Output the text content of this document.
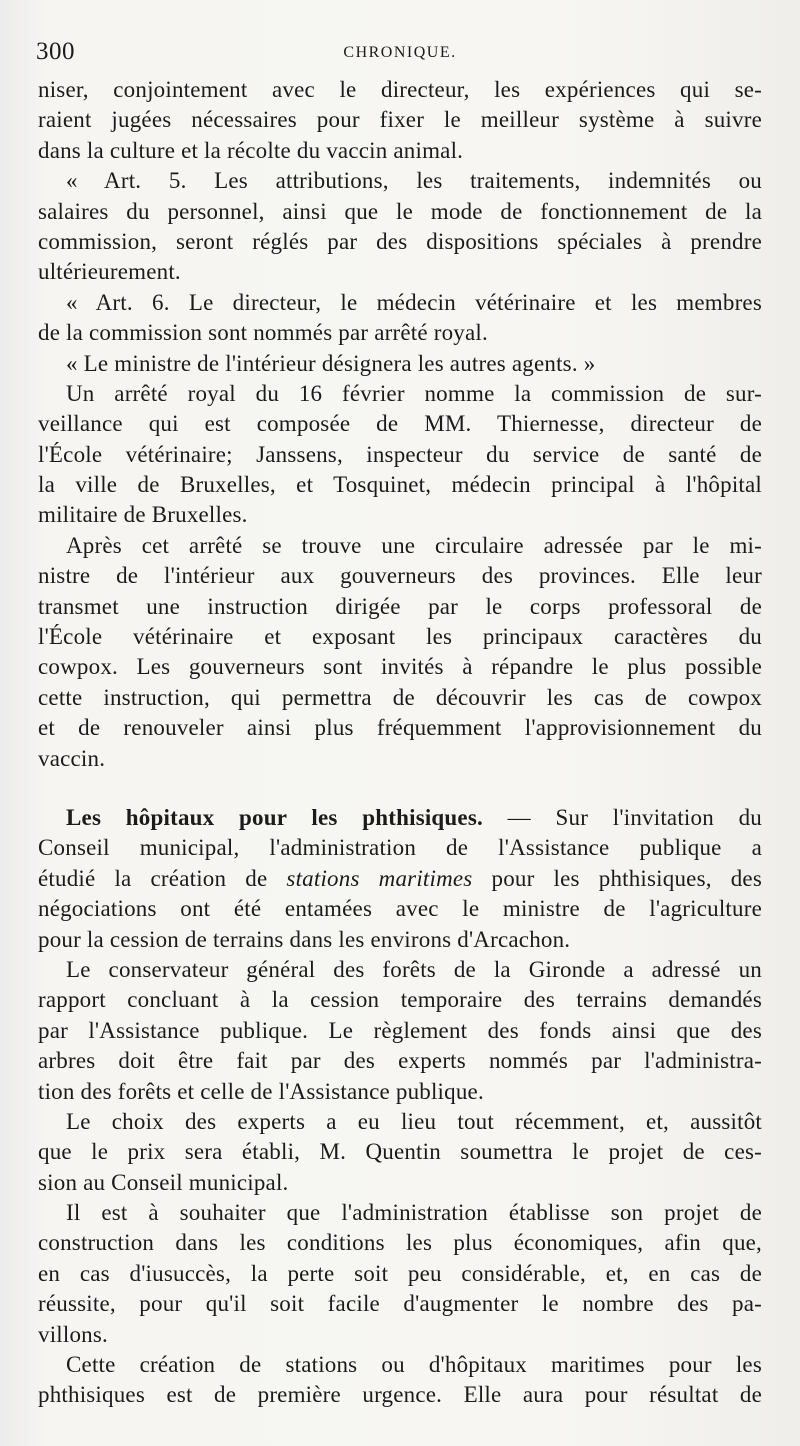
300	CHRONIQUE.
niser, conjointement avec le directeur, les expériences qui se-
raient jugées nécessaires pour fixer le meilleur système à suivre
dans la culture et la récolte du vaccin animal.
« Art. 5. Les attributions, les traitements, indemnités ou
salaires du personnel, ainsi que le mode de fonctionnement de la
commission, seront réglés par des dispositions spéciales à prendre
ultérieurement.
« Art. 6. Le directeur, le médecin vétérinaire et les membres
de la commission sont nommés par arrêté royal.
« Le ministre de l'intérieur désignera les autres agents. »
Un arrêté royal du 16 février nomme la commission de sur-
veillance qui est composée de MM. Thiernesse, directeur de
l'École vétérinaire; Janssens, inspecteur du service de santé de
la ville de Bruxelles, et Tosquinet, médecin principal à l'hôpital
militaire de Bruxelles.
Après cet arrêté se trouve une circulaire adressée par le mi-
nistre de l'intérieur aux gouverneurs des provinces. Elle leur
transmet une instruction dirigée par le corps professoral de
l'École vétérinaire et exposant les principaux caractères du
cowpox. Les gouverneurs sont invités à répandre le plus possible
cette instruction, qui permettra de découvrir les cas de cowpox
et de renouveler ainsi plus fréquemment l'approvisionnement du
vaccin.
Les hôpitaux pour les phthisiques. — Sur l'invitation du
Conseil municipal, l'administration de l'Assistance publique a
étudié la création de stations maritimes pour les phthisiques, des
négociations ont été entamées avec le ministre de l'agriculture
pour la cession de terrains dans les environs d'Arcachon.
Le conservateur général des forêts de la Gironde a adressé un
rapport concluant à la cession temporaire des terrains demandés
par l'Assistance publique. Le règlement des fonds ainsi que des
arbres doit être fait par des experts nommés par l'administra-
tion des forêts et celle de l'Assistance publique.
Le choix des experts a eu lieu tout récemment, et, aussitôt
que le prix sera établi, M. Quentin soumettra le projet de ces-
sion au Conseil municipal.
Il est à souhaiter que l'administration établisse son projet de
construction dans les conditions les plus économiques, afin que,
en cas d'iusuccès, la perte soit peu considérable, et, en cas de
réussite, pour qu'il soit facile d'augmenter le nombre des pa-
villons.
Cette création de stations ou d'hôpitaux maritimes pour les
phthisiques est de première urgence. Elle aura pour résultat de
